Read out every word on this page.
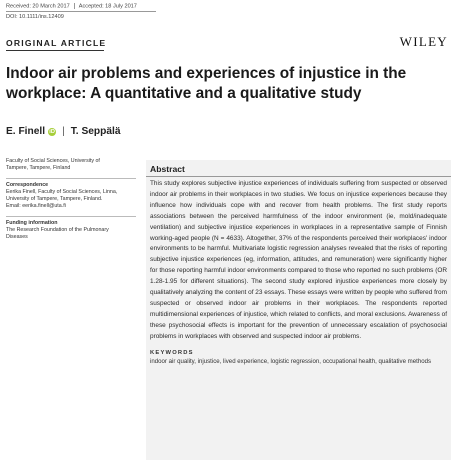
Received: 20 March 2017 Accepted: 18 July 2017
DOI: 10.1111/ins.12409
ORIGINAL ARTICLE	WILEY
Indoor air problems and experiences of injustice in the workplace: A quantitative and a qualitative study
E. Finell iD | T. Seppälä
Faculty of Social Sciences, University of
Tampere, Tampere, Finland
Correspondence
Eerika Finell, Faculty of Social Sciences, Linna,
University of Tampere, Tampere, Finland.
Email: eerika.finell@uta.fi
Funding information
The Research Foundation of the Pulmonary
Diseases
Abstract

This study explores subjective injustice experiences of individuals suffering from suspected or observed indoor air problems in their workplaces in two studies. We focus on injustice experiences because they influence how individuals cope with and recover from health problems. The first study reports associations between the perceived harmfulness of the indoor environment (ie, mold/inadequate ventilation) and subjective injustice experiences in workplaces in a representative sample of Finnish working-aged people (N = 4633). Altogether, 37% of the respondents perceived their workplaces' indoor environments to be harmful. Multivariate logistic regression analyses revealed that the risks of reporting subjective injustice experiences (eg, information, attitudes, and remuneration) were significantly higher for those reporting harmful indoor environments compared to those who reported no such problems (OR 1.28-1.95 for different situations). The second study explored injustice experiences more closely by qualitatively analyzing the content of 23 essays. These essays were written by people who suffered from suspected or observed indoor air problems in their workplaces. The respondents reported multidimensional experiences of injustice, which related to conflicts, and moral exclusions. Awareness of these psychosocial effects is important for the prevention of unnecessary escalation of psychosocial problems in workplaces with observed and suspected indoor air problems.

KEYWORDS
indoor air quality, injustice, lived experience, logistic regression, occupational health, qualitative methods
